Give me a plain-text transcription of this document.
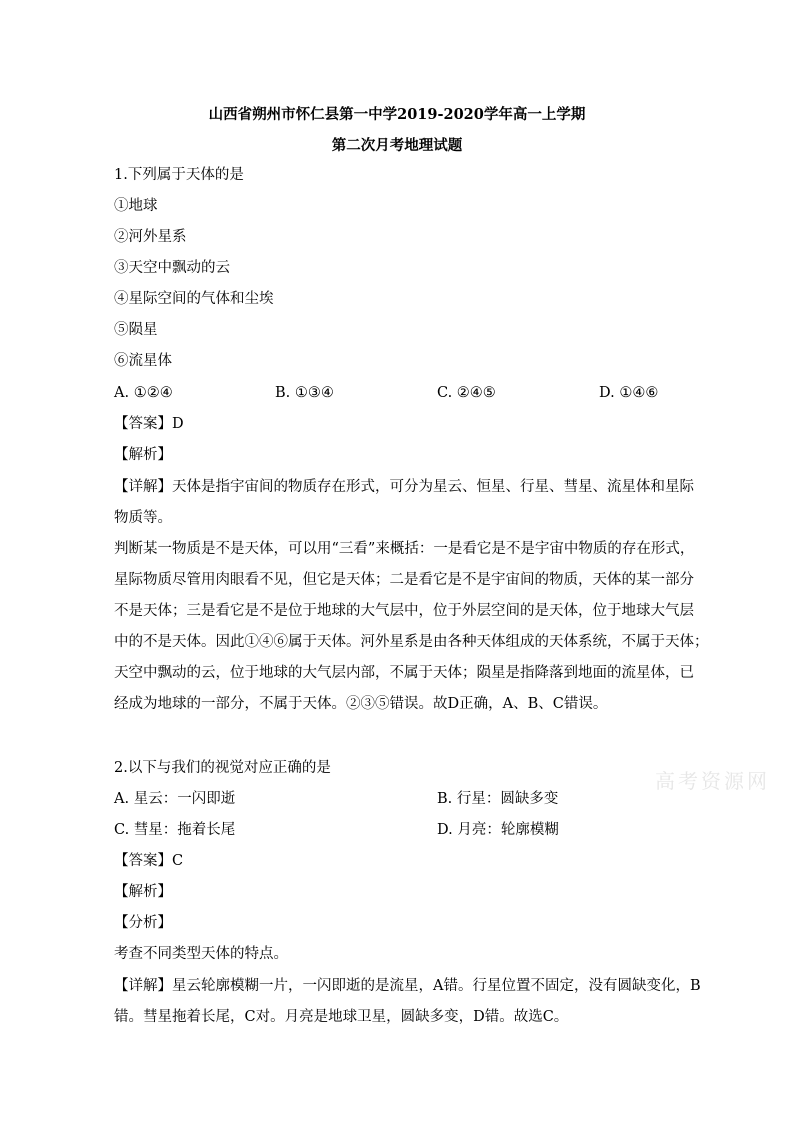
山西省朔州市怀仁县第一中学2019-2020学年高一上学期
第二次月考地理试题
1.下列属于天体的是
①地球
②河外星系
③天空中飘动的云
④星际空间的气体和尘埃
⑤陨星
⑥流星体
A. ①②④	B. ①③④	C. ②④⑤	D. ①④⑥
【答案】D
【解析】
【详解】天体是指宇宙间的物质存在形式，可分为星云、恒星、行星、彗星、流星体和星际
物质等。
判断某一物质是不是天体，可以用“三看”来概括：一是看它是不是宇宙中物质的存在形式，
星际物质尽管用肉眼看不见，但它是天体；二是看它是不是宇宙间的物质，天体的某一部分
不是天体；三是看它是不是位于地球的大气层中，位于外层空间的是天体，位于地球大气层
中的不是天体。因此①④⑥属于天体。河外星系是由各种天体组成的天体系统，不属于天体；
天空中飘动的云，位于地球的大气层内部，不属于天体；陨星是指降落到地面的流星体，已
经成为地球的一部分，不属于天体。②③⑤错误。故D正确，A、B、C错误。
2.以下与我们的视觉对应正确的是
A. 星云：一闪即逝	B. 行星：圆缺多变
C. 彗星：拖着长尾	D. 月亮：轮廓模糊
【答案】C
【解析】
【分析】
考查不同类型天体的特点。
【详解】星云轮廓模糊一片，一闪即逝的是流星，A错。行星位置不固定，没有圆缺变化，B
错。彗星拖着长尾，C对。月亮是地球卫星，圆缺多变，D错。故选C。
高考资源网
